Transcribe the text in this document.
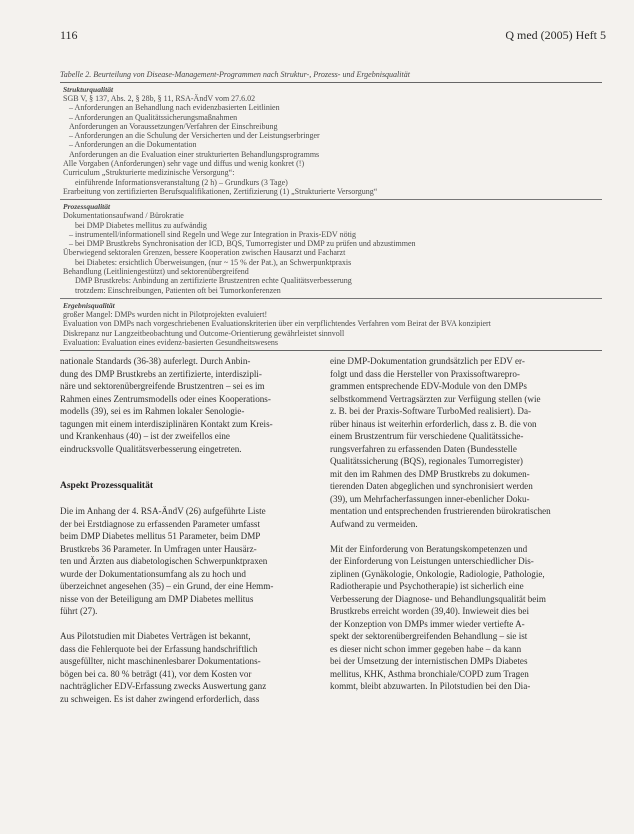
116	Q med (2005) Heft 5
Tabelle 2. Beurteilung von Disease-Management-Programmen nach Struktur-, Prozess- und Ergebnisqualität
Strukturqualität
SGB V, § 137, Abs. 2, § 28b, § 11, RSA-ÄndV vom 27.6.02
– Anforderungen an Behandlung nach evidenzbasierten Leitlinien
– Anforderungen an Qualitätssicherungsmaßnahmen
Anforderungen an Voraussetzungen/Verfahren der Einschreibung
– Anforderungen an die Schulung der Versicherten und der Leistungserbringer
– Anforderungen an die Dokumentation
Anforderungen an die Evaluation einer strukturierten Behandlungsprogramms
Alle Vorgaben (Anforderungen) sehr vage und diffus und wenig konkret (!)
Curriculum „Strukturierte medizinische Versorgung“:
einführende Informationsveranstaltung (2 h) – Grundkurs (3 Tage)
Erarbeitung von zertifizierten Berufsqualifikationen, Zertifizierung (1) „Strukturierte Versorgung“
Prozessqualität
Dokumentationsaufwand / Bürokratie
bei DMP Diabetes mellitus zu aufwändig
– instrumentell/informationell sind Regeln und Wege zur Integration in Praxis-EDV nötig
– bei DMP Brustkrebs Synchronisation der ICD, BQS, Tumorregister und DMP zu prüfen und abzustimmen
Überwiegend sektoralen Grenzen, bessere Kooperation zwischen Hausarzt und Facharzt
bei Diabetes: ersichtlich Überweisungen, (nur ~ 15 % der Pat.), an Schwerpunktpraxis
Behandlung (Leitliniengestützt) und sektorenübergreifend
DMP Brustkrebs: Anbindung an zertifizierte Brustzentren echte Qualitätsverbesserung
trotzdem: Einschreibungen, Patienten oft bei Tumorkonferenzen
Ergebnisqualität
großer Mangel: DMPs wurden nicht in Pilotprojekten evaluiert!
Evaluation von DMPs nach vorgeschriebenen Evaluationskriterien über ein verpflichtendes Verfahren vom Beirat der BVA konzipiert
Diskrepanz nur Langzeitbeobachtung und Outcome-Orientierung gewährleistet sinnvoll
Evaluation: Evaluation eines evidenz-basierten Gesundheitswesens

nationale Standards (36-38) auferlegt. Durch Anbin-

dung des DMP Brustkrebs an zertifizierte, interdiszipli-

näre und sektorenübergreifende Brustzentren – sei es im

Rahmen eines Zentrumsmodells oder eines Kooperations-

modells (39), sei es im Rahmen lokaler Senologie-

tagungen mit einem interdisziplinären Kontakt zum Kreis-

und Krankenhaus (40) – ist der zweifellos eine

eindrucksvolle Qualitätsverbesserung eingetreten.

Aspekt Prozessqualität

Die im Anhang der 4. RSA-ÄndV (26) aufgeführte Liste

der bei Erstdiagnose zu erfassenden Parameter umfasst

beim DMP Diabetes mellitus 51 Parameter, beim DMP

Brustkrebs 36 Parameter. In Umfragen unter Hausärz-

ten und Ärzten aus diabetologischen Schwerpunktpraxen

wurde der Dokumentationsumfang als zu hoch und

überzeichnet angesehen (35) – ein Grund, der eine Hemm-

nisse von der Beteiligung am DMP Diabetes mellitus

führt (27).

Aus Pilotstudien mit Diabetes Verträgen ist bekannt,

dass die Fehlerquote bei der Erfassung handschriftlich

ausgefüllter, nicht maschinenlesbarer Dokumentations-

bögen bei ca. 80 % beträgt (41), vor dem Kosten vor

nachträglicher EDV-Erfassung zwecks Auswertung ganz

zu schweigen. Es ist daher zwingend erforderlich, dass

eine DMP-Dokumentation grundsätzlich per EDV er-

folgt und dass die Hersteller von Praxissoftwarepro-

grammen entsprechende EDV-Module von den DMPs

selbstkommend Vertragsärzten zur Verfügung stellen (wie

z. B. bei der Praxis-Software TurboMed realisiert). Da-

rüber hinaus ist weiterhin erforderlich, dass z. B. die von

einem Brustzentrum für verschiedene Qualitätssiche-

rungsverfahren zu erfassenden Daten (Bundesstelle

Qualitätssicherung (BQS), regionales Tumorregister)

mit den im Rahmen des DMP Brustkrebs zu dokumen-

tierenden Daten abgeglichen und synchronisiert werden

(39), um Mehrfacherfassungen inner-ebenlicher Doku-

mentation und entsprechenden frustrierenden bürokratischen

Aufwand zu vermeiden.

Mit der Einforderung von Beratungskompetenzen und

der Einforderung von Leistungen unterschiedlicher Dis-

ziplinen (Gynäkologie, Onkologie, Radiologie, Pathologie,

Radiotherapie und Psychotherapie) ist sicherlich eine

Verbesserung der Diagnose- und Behandlungsqualität beim

Brustkrebs erreicht worden (39,40). Inwieweit dies bei

der Konzeption von DMPs immer wieder vertiefte A-

spekt der sektorenübergreifenden Behandlung – sie ist

es dieser nicht schon immer gegeben habe – da kann

bei der Umsetzung der internistischen DMPs Diabetes

mellitus, KHK, Asthma bronchiale/COPD zum Tragen

kommt, bleibt abzuwarten. In Pilotstudien bei den Dia-
